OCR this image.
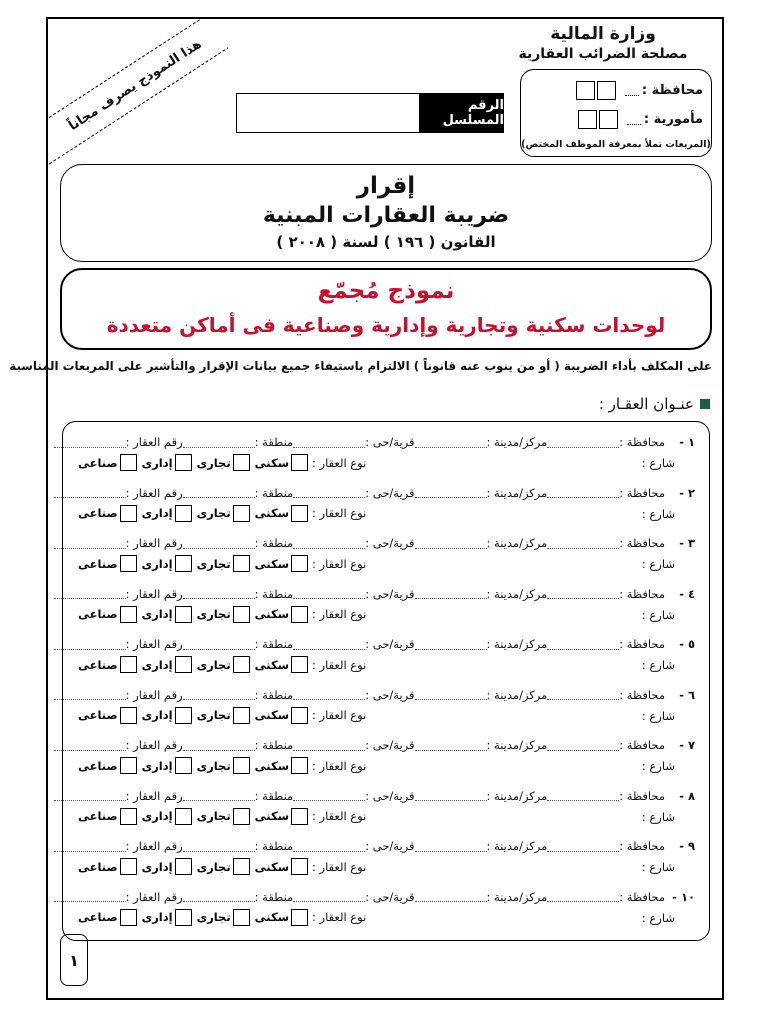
هذا النموذج يصرف مجاناً
وزارة المالية
مصلحة الضرائب العقارية
محافظة :
مأمورية :
(المربعات تملأ بمعرفة الموظف المختص)
الرقم المسلسل
إقرار
ضريبة العقارات المبنية
القانون ( ١٩٦ ) لسنة ( ٢٠٠٨ )
نموذج مُجمّع
لوحدات سكنية وتجارية وإدارية وصناعية فى أماكن متعددة
على المكلف بأداء الضريبة ( أو من ينوب عنه قانوناً ) الالتزام باستيفاء جميع بيانات الإقرار والتأشير على المربعات المناسبة
عنـوان العقـار :
١ -
محافظة :
مركز/مدينة :
قرية/حى :
منطقة :
رقم العقار :
شارع :
نوع العقار :
سكنى
تجارى
إدارى
صناعى
٢ -
محافظة :
مركز/مدينة :
قرية/حى :
منطقة :
رقم العقار :
شارع :
نوع العقار :
سكنى
تجارى
إدارى
صناعى
٣ -
محافظة :
مركز/مدينة :
قرية/حى :
منطقة :
رقم العقار :
شارع :
نوع العقار :
سكنى
تجارى
إدارى
صناعى
٤ -
محافظة :
مركز/مدينة :
قرية/حى :
منطقة :
رقم العقار :
شارع :
نوع العقار :
سكنى
تجارى
إدارى
صناعى
٥ -
محافظة :
مركز/مدينة :
قرية/حى :
منطقة :
رقم العقار :
شارع :
نوع العقار :
سكنى
تجارى
إدارى
صناعى
٦ -
محافظة :
مركز/مدينة :
قرية/حى :
منطقة :
رقم العقار :
شارع :
نوع العقار :
سكنى
تجارى
إدارى
صناعى
٧ -
محافظة :
مركز/مدينة :
قرية/حى :
منطقة :
رقم العقار :
شارع :
نوع العقار :
سكنى
تجارى
إدارى
صناعى
٨ -
محافظة :
مركز/مدينة :
قرية/حى :
منطقة :
رقم العقار :
شارع :
نوع العقار :
سكنى
تجارى
إدارى
صناعى
٩ -
محافظة :
مركز/مدينة :
قرية/حى :
منطقة :
رقم العقار :
شارع :
نوع العقار :
سكنى
تجارى
إدارى
صناعى
١٠ -
محافظة :
مركز/مدينة :
قرية/حى :
منطقة :
رقم العقار :
شارع :
نوع العقار :
سكنى
تجارى
إدارى
صناعى
١
